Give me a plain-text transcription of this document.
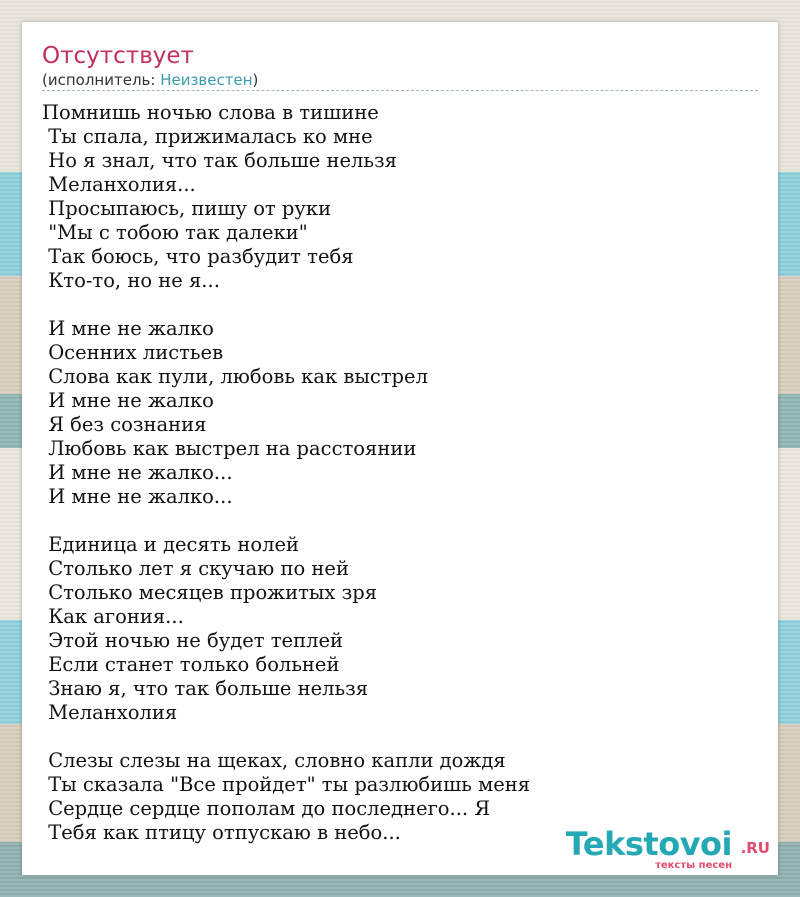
Отсутствует
(исполнитель: Неизвестен)
Помнишь ночью слова в тишине
Ты спала, прижималась ко мне
Но я знал, что так больше нельзя
Меланхолия...
Просыпаюсь, пишу от руки
"Мы с тобою так далеки"
Так боюсь, что разбудит тебя
Кто-то, но не я...
И мне не жалко
Осенних листьев
Слова как пули, любовь как выстрел
И мне не жалко
Я без сознания
Любовь как выстрел на расстоянии
И мне не жалко...
И мне не жалко...
Единица и десять нолей
Столько лет я скучаю по ней
Столько месяцев прожитых зря
Как агония...
Этой ночью не будет теплей
Если станет только больней
Знаю я, что так больше нельзя
Меланхолия
Слезы слезы на щеках, словно капли дождя
Ты сказала "Все пройдет" ты разлюбишь меня
Сердце сердце пополам до последнего... Я
Тебя как птицу отпускаю в небо...	Tekstovoi .RU
тексты песен
